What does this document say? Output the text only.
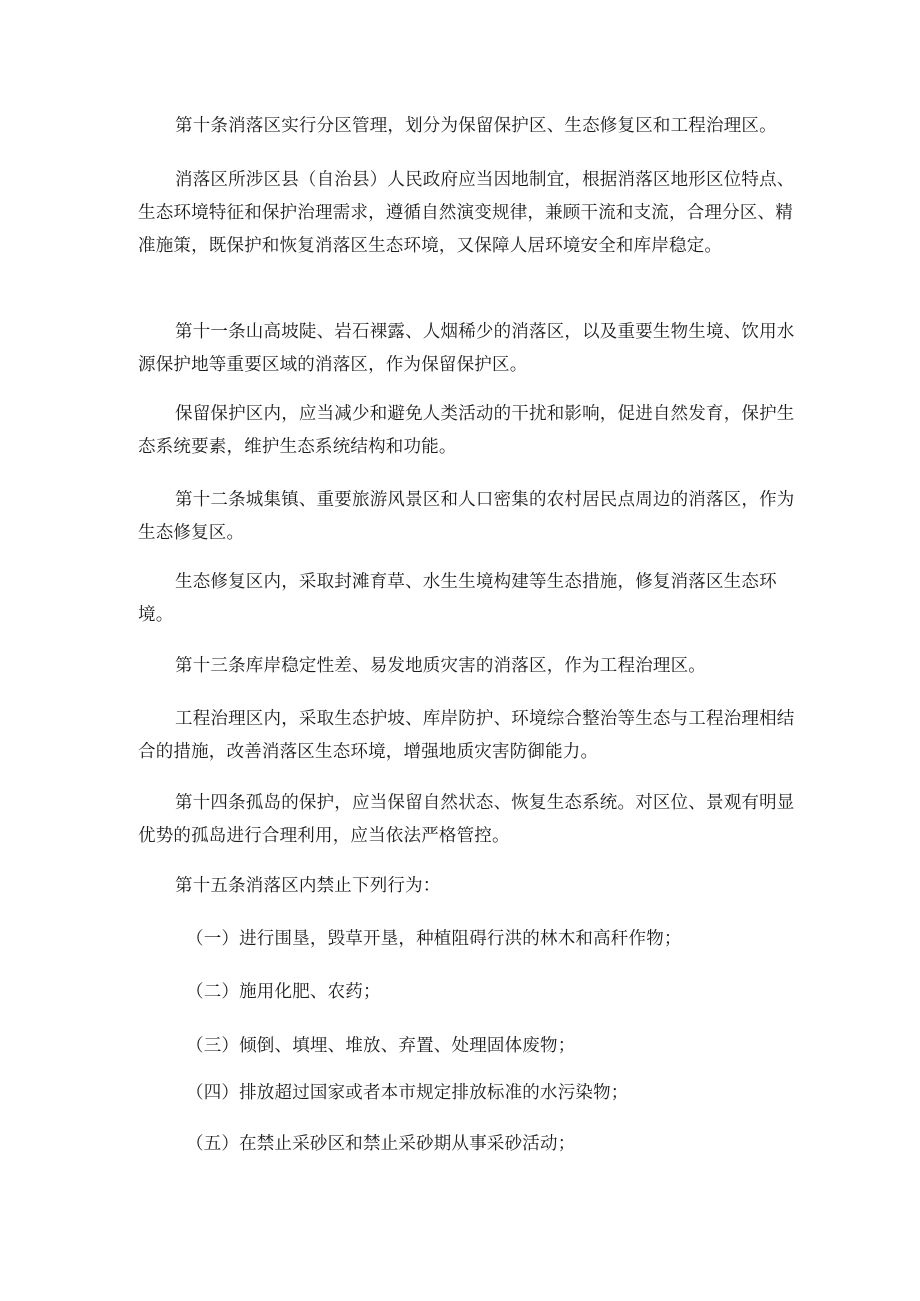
第十条消落区实行分区管理，划分为保留保护区、生态修复区和工程治理区。

消落区所涉区县（自治县）人民政府应当因地制宜，根据消落区地形区位特点、生态环境特征和保护治理需求，遵循自然演变规律，兼顾干流和支流，合理分区、精准施策，既保护和恢复消落区生态环境，又保障人居环境安全和库岸稳定。

第十一条山高坡陡、岩石裸露、人烟稀少的消落区，以及重要生物生境、饮用水源保护地等重要区域的消落区，作为保留保护区。

保留保护区内，应当减少和避免人类活动的干扰和影响，促进自然发育，保护生态系统要素，维护生态系统结构和功能。

第十二条城集镇、重要旅游风景区和人口密集的农村居民点周边的消落区，作为生态修复区。

生态修复区内，采取封滩育草、水生生境构建等生态措施，修复消落区生态环境。

第十三条库岸稳定性差、易发地质灾害的消落区，作为工程治理区。

工程治理区内，采取生态护坡、库岸防护、环境综合整治等生态与工程治理相结合的措施，改善消落区生态环境，增强地质灾害防御能力。

第十四条孤岛的保护，应当保留自然状态、恢复生态系统。对区位、景观有明显优势的孤岛进行合理利用，应当依法严格管控。

第十五条消落区内禁止下列行为：

（一）进行围垦，毁草开垦，种植阻碍行洪的林木和高秆作物；

（二）施用化肥、农药；

（三）倾倒、填埋、堆放、弃置、处理固体废物；

（四）排放超过国家或者本市规定排放标准的水污染物；

（五）在禁止采砂区和禁止采砂期从事采砂活动；
